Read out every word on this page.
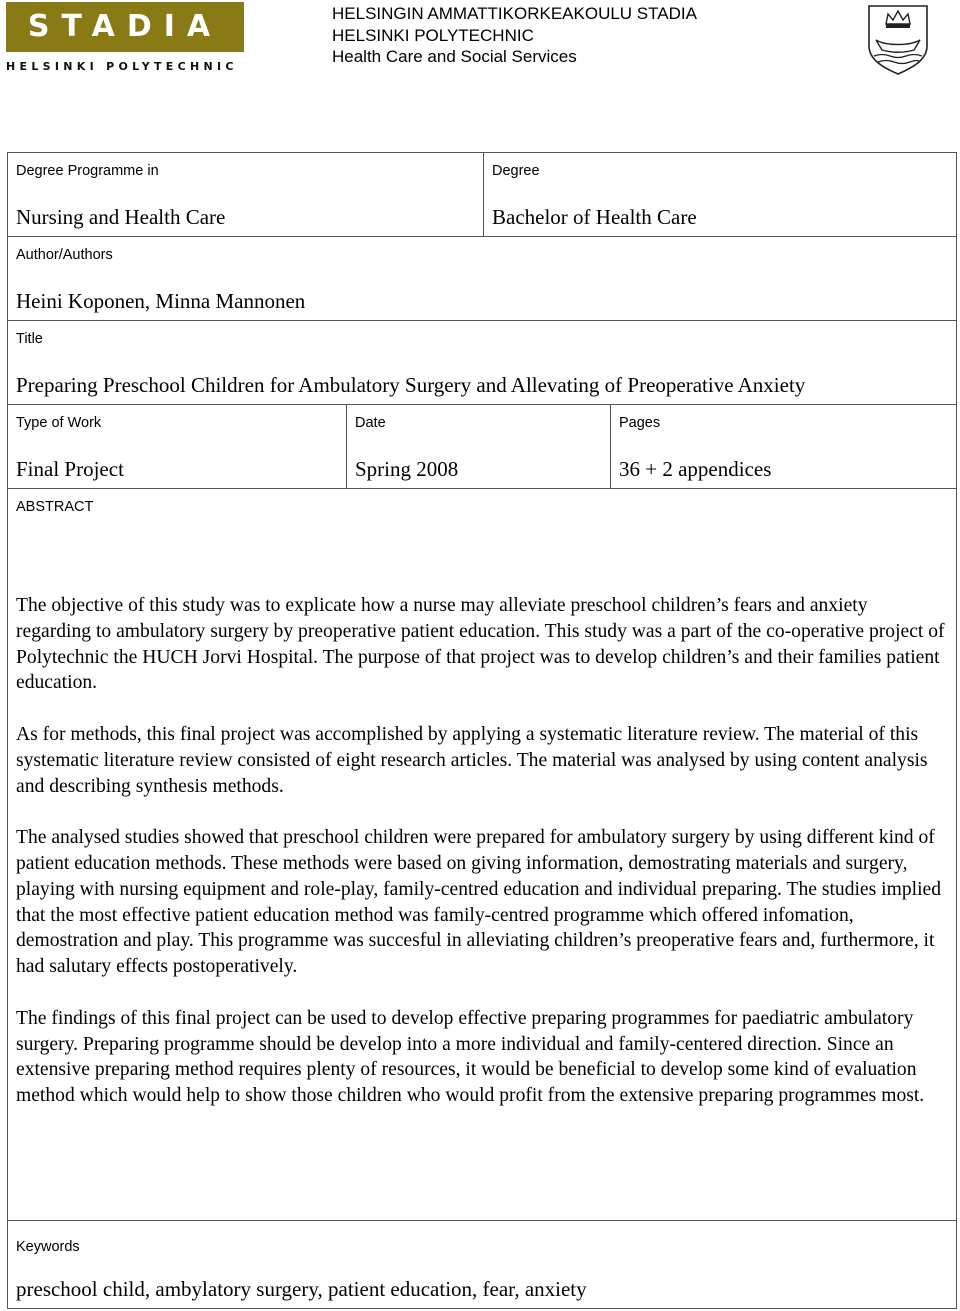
STADIA
HELSINKI POLYTECHNIC
HELSINGIN AMMATTIKORKEAKOULU STADIA
HELSINKI POLYTECHNIC
Health Care and Social Services
Degree Programme in
Nursing and Health Care
Degree
Bachelor of Health Care
Author/Authors
Heini Koponen, Minna Mannonen
Title
Preparing Preschool Children for Ambulatory Surgery and Allevating of Preoperative Anxiety
Type of Work
Final Project
Date
Spring 2008
Pages
36 + 2 appendices
ABSTRACT

The objective of this study was to explicate how a nurse may alleviate preschool children’s fears and anxiety regarding to ambulatory surgery by preoperative patient education. This study was a part of the co-operative project of Polytechnic the HUCH Jorvi Hospital. The purpose of that project was to develop children’s and their families patient education.

As for methods, this final project was accomplished by applying a systematic literature review. The material of this systematic literature review consisted of eight research articles. The material was analysed by using content analysis and describing synthesis methods.

The analysed studies showed that preschool children were prepared for ambulatory surgery by using different kind of patient education methods. These methods were based on giving information, demostrating materials and surgery, playing with nursing equipment and role-play, family-centred education and individual preparing. The studies implied that the most effective patient education method was family-centred programme which offered infomation, demostration and play. This programme was succesful in alleviating children’s preoperative fears and, furthermore, it had salutary effects postoperatively.

The findings of this final project can be used to develop effective preparing programmes for paediatric ambulatory surgery. Preparing programme should be develop into a more individual and family-centered direction. Since an extensive preparing method requires plenty of resources, it would be beneficial to develop some kind of evaluation method which would help to show those children who would profit from the extensive preparing programmes most.

Keywords
preschool child, ambylatory surgery, patient education, fear, anxiety
